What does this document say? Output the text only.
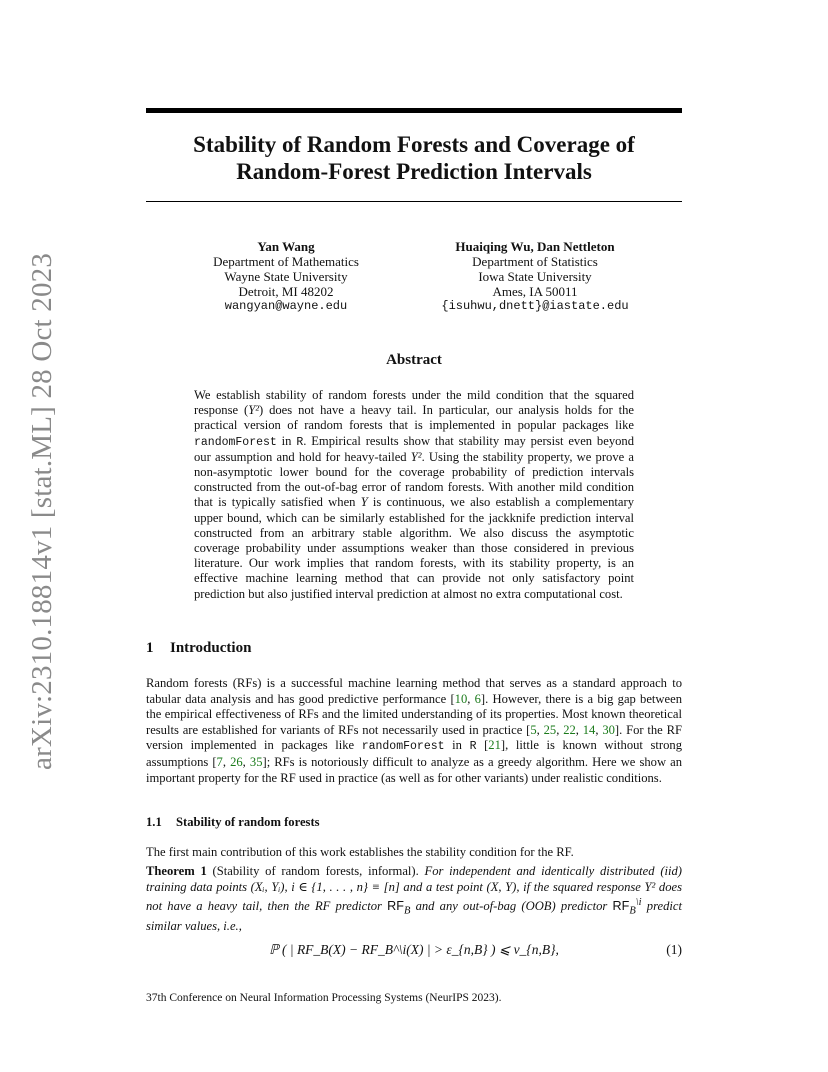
arXiv:2310.18814v1 [stat.ML] 28 Oct 2023
Stability of Random Forests and Coverage of
Random-Forest Prediction Intervals
Yan Wang
Department of Mathematics
Wayne State University
Detroit, MI 48202
wangyan@wayne.edu
Huaiqing Wu, Dan Nettleton
Department of Statistics
Iowa State University
Ames, IA 50011
{isuhwu,dnett}@iastate.edu
Abstract

We establish stability of random forests under the mild condition that the squared response (Y²) does not have a heavy tail. In particular, our analysis holds for the practical version of random forests that is implemented in popular packages like randomForest in R. Empirical results show that stability may persist even beyond our assumption and hold for heavy-tailed Y². Using the stability property, we prove a non-asymptotic lower bound for the coverage probability of prediction intervals constructed from the out-of-bag error of random forests. With another mild condition that is typically satisfied when Y is continuous, we also establish a complementary upper bound, which can be similarly established for the jackknife prediction interval constructed from an arbitrary stable algorithm. We also discuss the asymptotic coverage probability under assumptions weaker than those considered in previous literature. Our work implies that random forests, with its stability property, is an effective machine learning method that can provide not only satisfactory point prediction but also justified interval prediction at almost no extra computational cost.

1 Introduction

Random forests (RFs) is a successful machine learning method that serves as a standard approach to tabular data analysis and has good predictive performance [10, 6]. However, there is a big gap between the empirical effectiveness of RFs and the limited understanding of its properties. Most known theoretical results are established for variants of RFs not necessarily used in practice [5, 25, 22, 14, 30]. For the RF version implemented in packages like randomForest in R [21], little is known without strong assumptions [7, 26, 35]; RFs is notoriously difficult to analyze as a greedy algorithm. Here we show an important property for the RF used in practice (as well as for other variants) under realistic conditions.

1.1 Stability of random forests

The first main contribution of this work establishes the stability condition for the RF.

Theorem 1 (Stability of random forests, informal). For independent and identically distributed (iid) training data points (Xᵢ, Yᵢ), i ∈ {1, . . . , n} ≡ [n] and a test point (X, Y), if the squared response Y² does not have a heavy tail, then the RF predictor $RF_B$ and any out-of-bag (OOB) predictor $RF_B^{\backslash i}$ predict similar values, i.e.,

ℙ ( | RF_B(X) − RF_B^\i(X) | > ε_{n,B} ) ⩽ ν_{n,B},	(1)
37th Conference on Neural Information Processing Systems (NeurIPS 2023).
